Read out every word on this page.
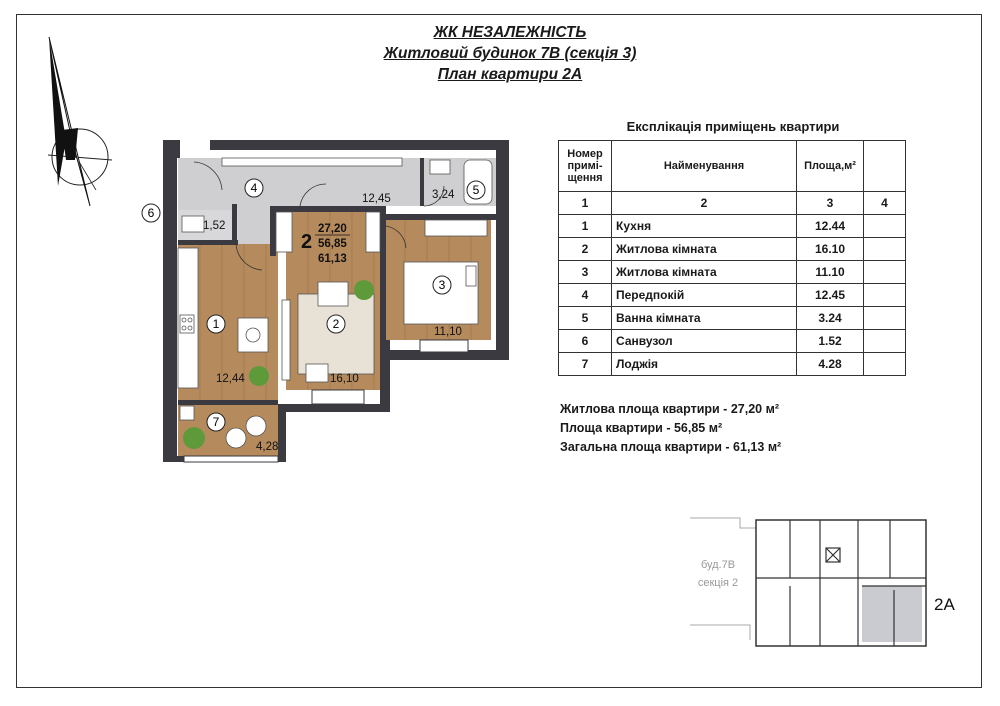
ЖК НЕЗАЛЕЖНІСТЬ
Житловий будинок 7В (секція 3)
План квартири 2А
1	2
3
4	5
6
7
12,44	16,10
11,10
12,45	3,24
1,52
4,28
2
27,20
56,85
61,13
буд.7В
секція 2
2А
Експлікація приміщень квартири
Номер примі-щення	Найменування	Площа,м²	
1	2	3	4
1	Кухня	12.44	
2	Житлова кімната	16.10	
3	Житлова кімната	11.10	
4	Передпокій	12.45	
5	Ванна кімната	3.24	
6	Санвузол	1.52	
7	Лоджія	4.28	
Житлова площа квартири - 27,20 м²
Площа квартири - 56,85 м²
Загальна площа квартири - 61,13 м²
